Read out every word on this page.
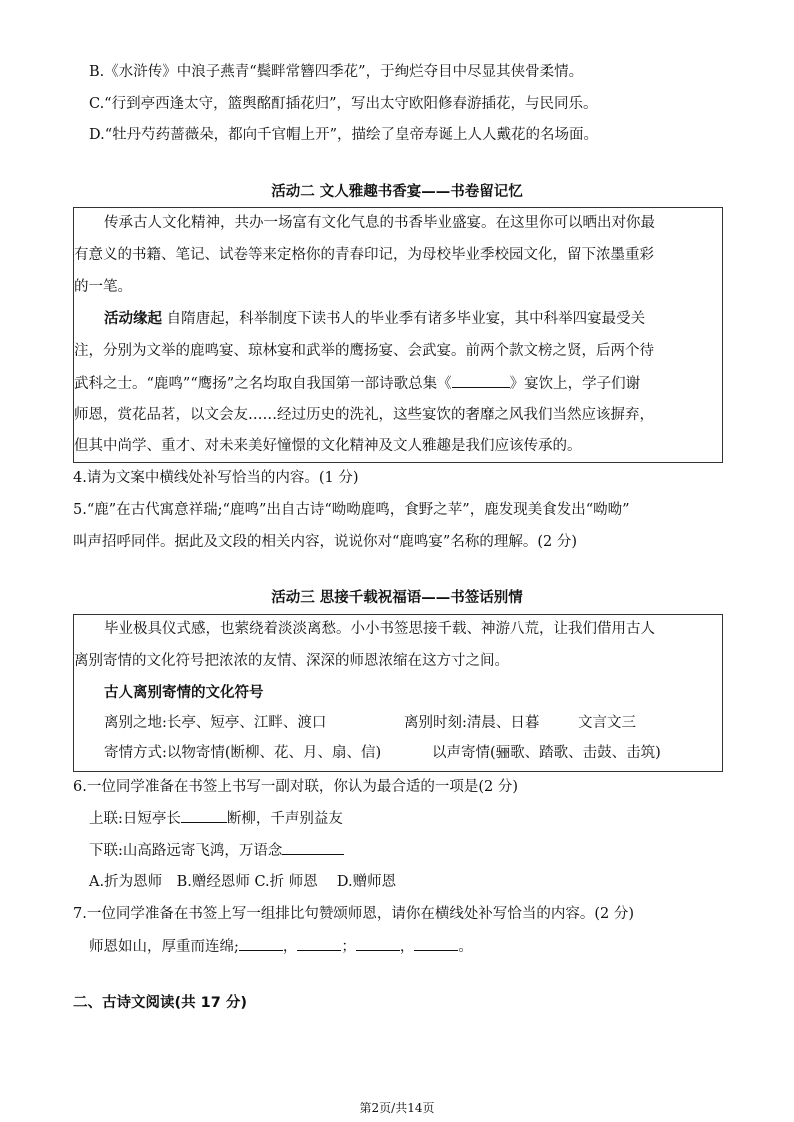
B.《水浒传》中浪子燕青“鬓畔常簪四季花”，于绚烂夺目中尽显其侠骨柔情。
C.“行到亭西逢太守，篮舆酩酊插花归”，写出太守欧阳修春游插花，与民同乐。
D.“牡丹芍药蔷薇朵，都向千官帽上开”，描绘了皇帝寿诞上人人戴花的名场面。
活动二 文人雅趣书香宴——书卷留记忆
传承古人文化精神，共办一场富有文化气息的书香毕业盛宴。在这里你可以晒出对你最
有意义的书籍、笔记、试卷等来定格你的青春印记，为母校毕业季校园文化，留下浓墨重彩
的一笔。
活动缘起 自隋唐起，科举制度下读书人的毕业季有诸多毕业宴，其中科举四宴最受关
注，分别为文举的鹿鸣宴、琼林宴和武举的鹰扬宴、会武宴。前两个款文榜之贤，后两个待
武科之士。“鹿鸣”“鹰扬”之名均取自我国第一部诗歌总集《	》宴饮上，学子们谢
师恩，赏花品茗，以文会友……经过历史的洗礼，这些宴饮的奢靡之风我们当然应该摒弃，
但其中尚学、重才、对未来美好憧憬的文化精神及文人雅趣是我们应该传承的。
4.请为文案中横线处补写恰当的内容。(1 分)
5.“鹿”在古代寓意祥瑞;“鹿鸣”出自古诗“呦呦鹿鸣，食野之苹”，鹿发现美食发出“呦呦”
叫声招呼同伴。据此及文段的相关内容，说说你对“鹿鸣宴”名称的理解。(2 分)
活动三 思接千载祝福语——书签话别情
毕业极具仪式感，也萦绕着淡淡离愁。小小书签思接千载、神游八荒，让我们借用古人
离别寄情的文化符号把浓浓的友情、深深的师恩浓缩在这方寸之间。
古人离别寄情的文化符号
离别之地:长亭、短亭、江畔、渡口	离别时刻:清晨、日暮	文言文三
寄情方式:以物寄情(断柳、花、月、扇、信)	以声寄情(骊歌、踏歌、击鼓、击筑)
6.一位同学准备在书签上书写一副对联，你认为最合适的一项是(2 分)
上联:日短亭长	断柳，千声别益友
下联:山高路远寄飞鸿，万语念
A.折为恩师　B.赠经恩师 C.折 师恩　 D.赠师恩
7.一位同学准备在书签上写一组排比句赞颂师恩，请你在横线处补写恰当的内容。(2 分)
师恩如山，厚重而连绵;	，	；	，	。
二、古诗文阅读(共 17 分)
第2页/共14页
